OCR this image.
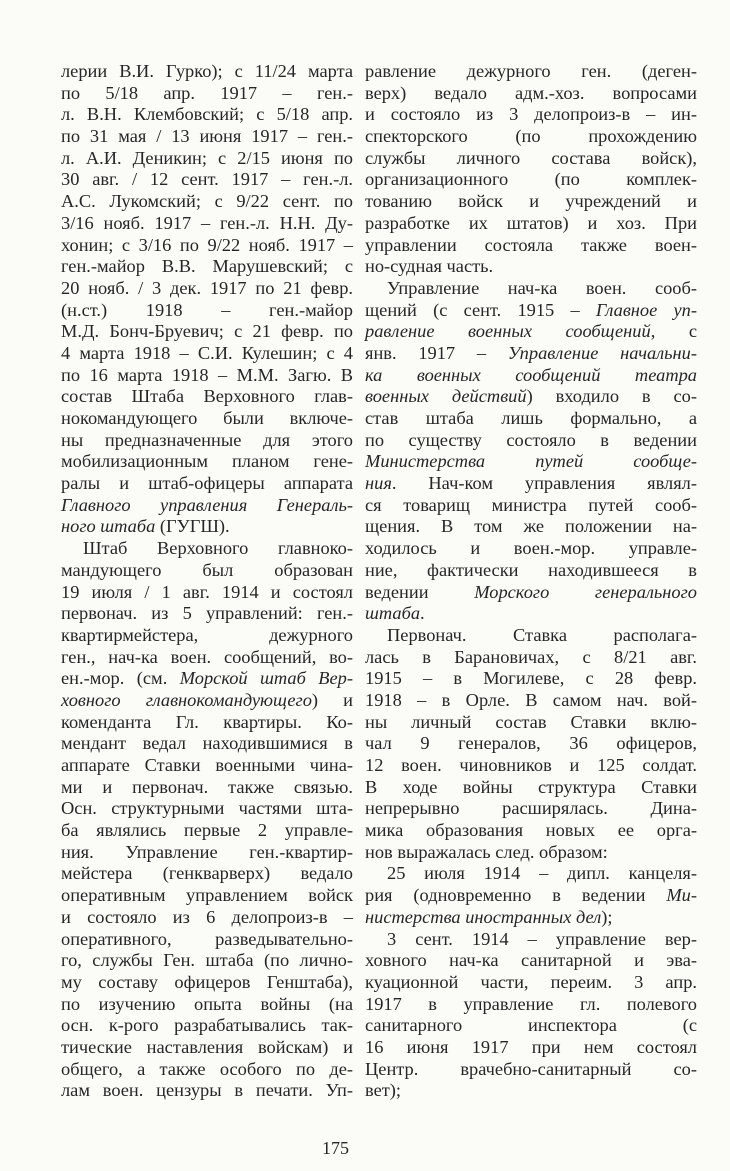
лерии В.И. Гурко); с 11/24 марта
по 5/18 апр. 1917 – ген.-
л. В.Н. Клембовский; с 5/18 апр.
по 31 мая / 13 июня 1917 – ген.-
л. А.И. Деникин; с 2/15 июня по
30 авг. / 12 сент. 1917 – ген.-л.
А.С. Лукомский; с 9/22 сент. по
3/16 нояб. 1917 – ген.-л. Н.Н. Ду-
хонин; с 3/16 по 9/22 нояб. 1917 –
ген.-майор В.В. Марушевский; с
20 нояб. / 3 дек. 1917 по 21 февр.
(н.ст.) 1918 – ген.-майор
М.Д. Бонч-Бруевич; с 21 февр. по
4 марта 1918 – С.И. Кулешин; с 4
по 16 марта 1918 – М.М. Загю. В
состав Штаба Верховного глав-
нокомандующего были включе-
ны предназначенные для этого
мобилизационным планом гене-
ралы и штаб-офицеры аппарата
Главного управления Генераль-
ного штаба (ГУГШ).
Штаб Верховного главноко-
мандующего был образован
19 июля / 1 авг. 1914 и состоял
первонач. из 5 управлений: ген.-
квартирмейстера, дежурного
ген., нач-ка воен. сообщений, во-
ен.-мор. (см. Морской штаб Вер-
ховного главнокомандующего) и
коменданта Гл. квартиры. Ко-
мендант ведал находившимися в
аппарате Ставки военными чина-
ми и первонач. также связью.
Осн. структурными частями шта-
ба являлись первые 2 управле-
ния. Управление ген.-квартир-
мейстера (генкварверх) ведало
оперативным управлением войск
и состояло из 6 делопроиз-в –
оперативного, разведывательно-
го, службы Ген. штаба (по лично-
му составу офицеров Генштаба),
по изучению опыта войны (на
осн. к-рого разрабатывались так-
тические наставления войскам) и
общего, а также особого по де-
лам воен. цензуры в печати. Уп-
равление дежурного ген. (деген-
верх) ведало адм.-хоз. вопросами
и состояло из 3 делопроиз-в – ин-
спекторского (по прохождению
службы личного состава войск),
организационного (по комплек-
тованию войск и учреждений и
разработке их штатов) и хоз. При
управлении состояла также воен-
но-судная часть.
Управление нач-ка воен. сооб-
щений (с сент. 1915 – Главное уп-
равление военных сообщений, с
янв. 1917 – Управление начальни-
ка военных сообщений театра
военных действий) входило в со-
став штаба лишь формально, а
по существу состояло в ведении
Министерства путей сообще-
ния. Нач-ком управления являл-
ся товарищ министра путей сооб-
щения. В том же положении на-
ходилось и воен.-мор. управле-
ние, фактически находившееся в
ведении Морского генерального
штаба.
Первонач. Ставка располага-
лась в Барановичах, с 8/21 авг.
1915 – в Могилеве, с 28 февр.
1918 – в Орле. В самом нач. вой-
ны личный состав Ставки вклю-
чал 9 генералов, 36 офицеров,
12 воен. чиновников и 125 солдат.
В ходе войны структура Ставки
непрерывно расширялась. Дина-
мика образования новых ее орга-
нов выражалась след. образом:
25 июля 1914 – дипл. канцеля-
рия (одновременно в ведении Ми-
нистерства иностранных дел);
3 сент. 1914 – управление вер-
ховного нач-ка санитарной и эва-
куационной части, переим. 3 апр.
1917 в управление гл. полевого
санитарного инспектора (с
16 июня 1917 при нем состоял
Центр. врачебно-санитарный со-
вет);
175
